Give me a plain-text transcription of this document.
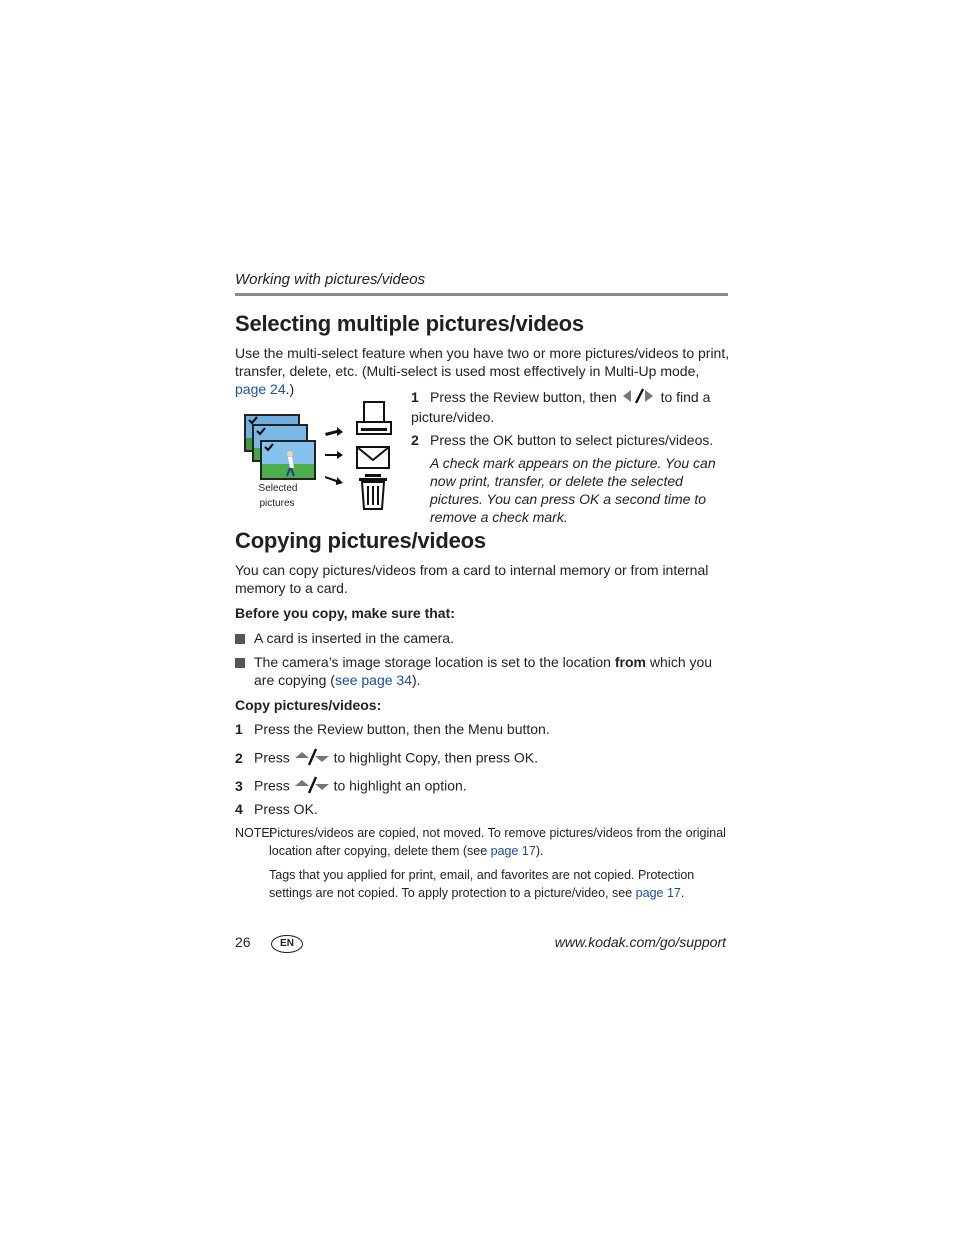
Working with pictures/videos
Selecting multiple pictures/videos
Use the multi-select feature when you have two or more pictures/videos to print, transfer, delete, etc. (Multi-select is used most effectively in Multi-Up mode, page 24.)
Selected
pictures
1 Press the Review button, then	to find a picture/video.
2 Press the OK button to select pictures/videos.
A check mark appears on the picture. You can now print, transfer, or delete the selected pictures. You can press OK a second time to remove a check mark.
Copying pictures/videos
You can copy pictures/videos from a card to internal memory or from internal memory to a card.
Before you copy, make sure that:
A card is inserted in the camera.
The camera’s image storage location is set to the location from which you are copying (see page 34).
Copy pictures/videos:
1 Press the Review button, then the Menu button.
2 Press	to highlight Copy, then press OK.
3 Press	to highlight an option.
4 Press OK.
NOTE:
Pictures/videos are copied, not moved. To remove pictures/videos from the original location after copying, delete them (see page 17).
Tags that you applied for print, email, and favorites are not copied. Protection settings are not copied. To apply protection to a picture/video, see page 17.
26	EN	www.kodak.com/go/support
